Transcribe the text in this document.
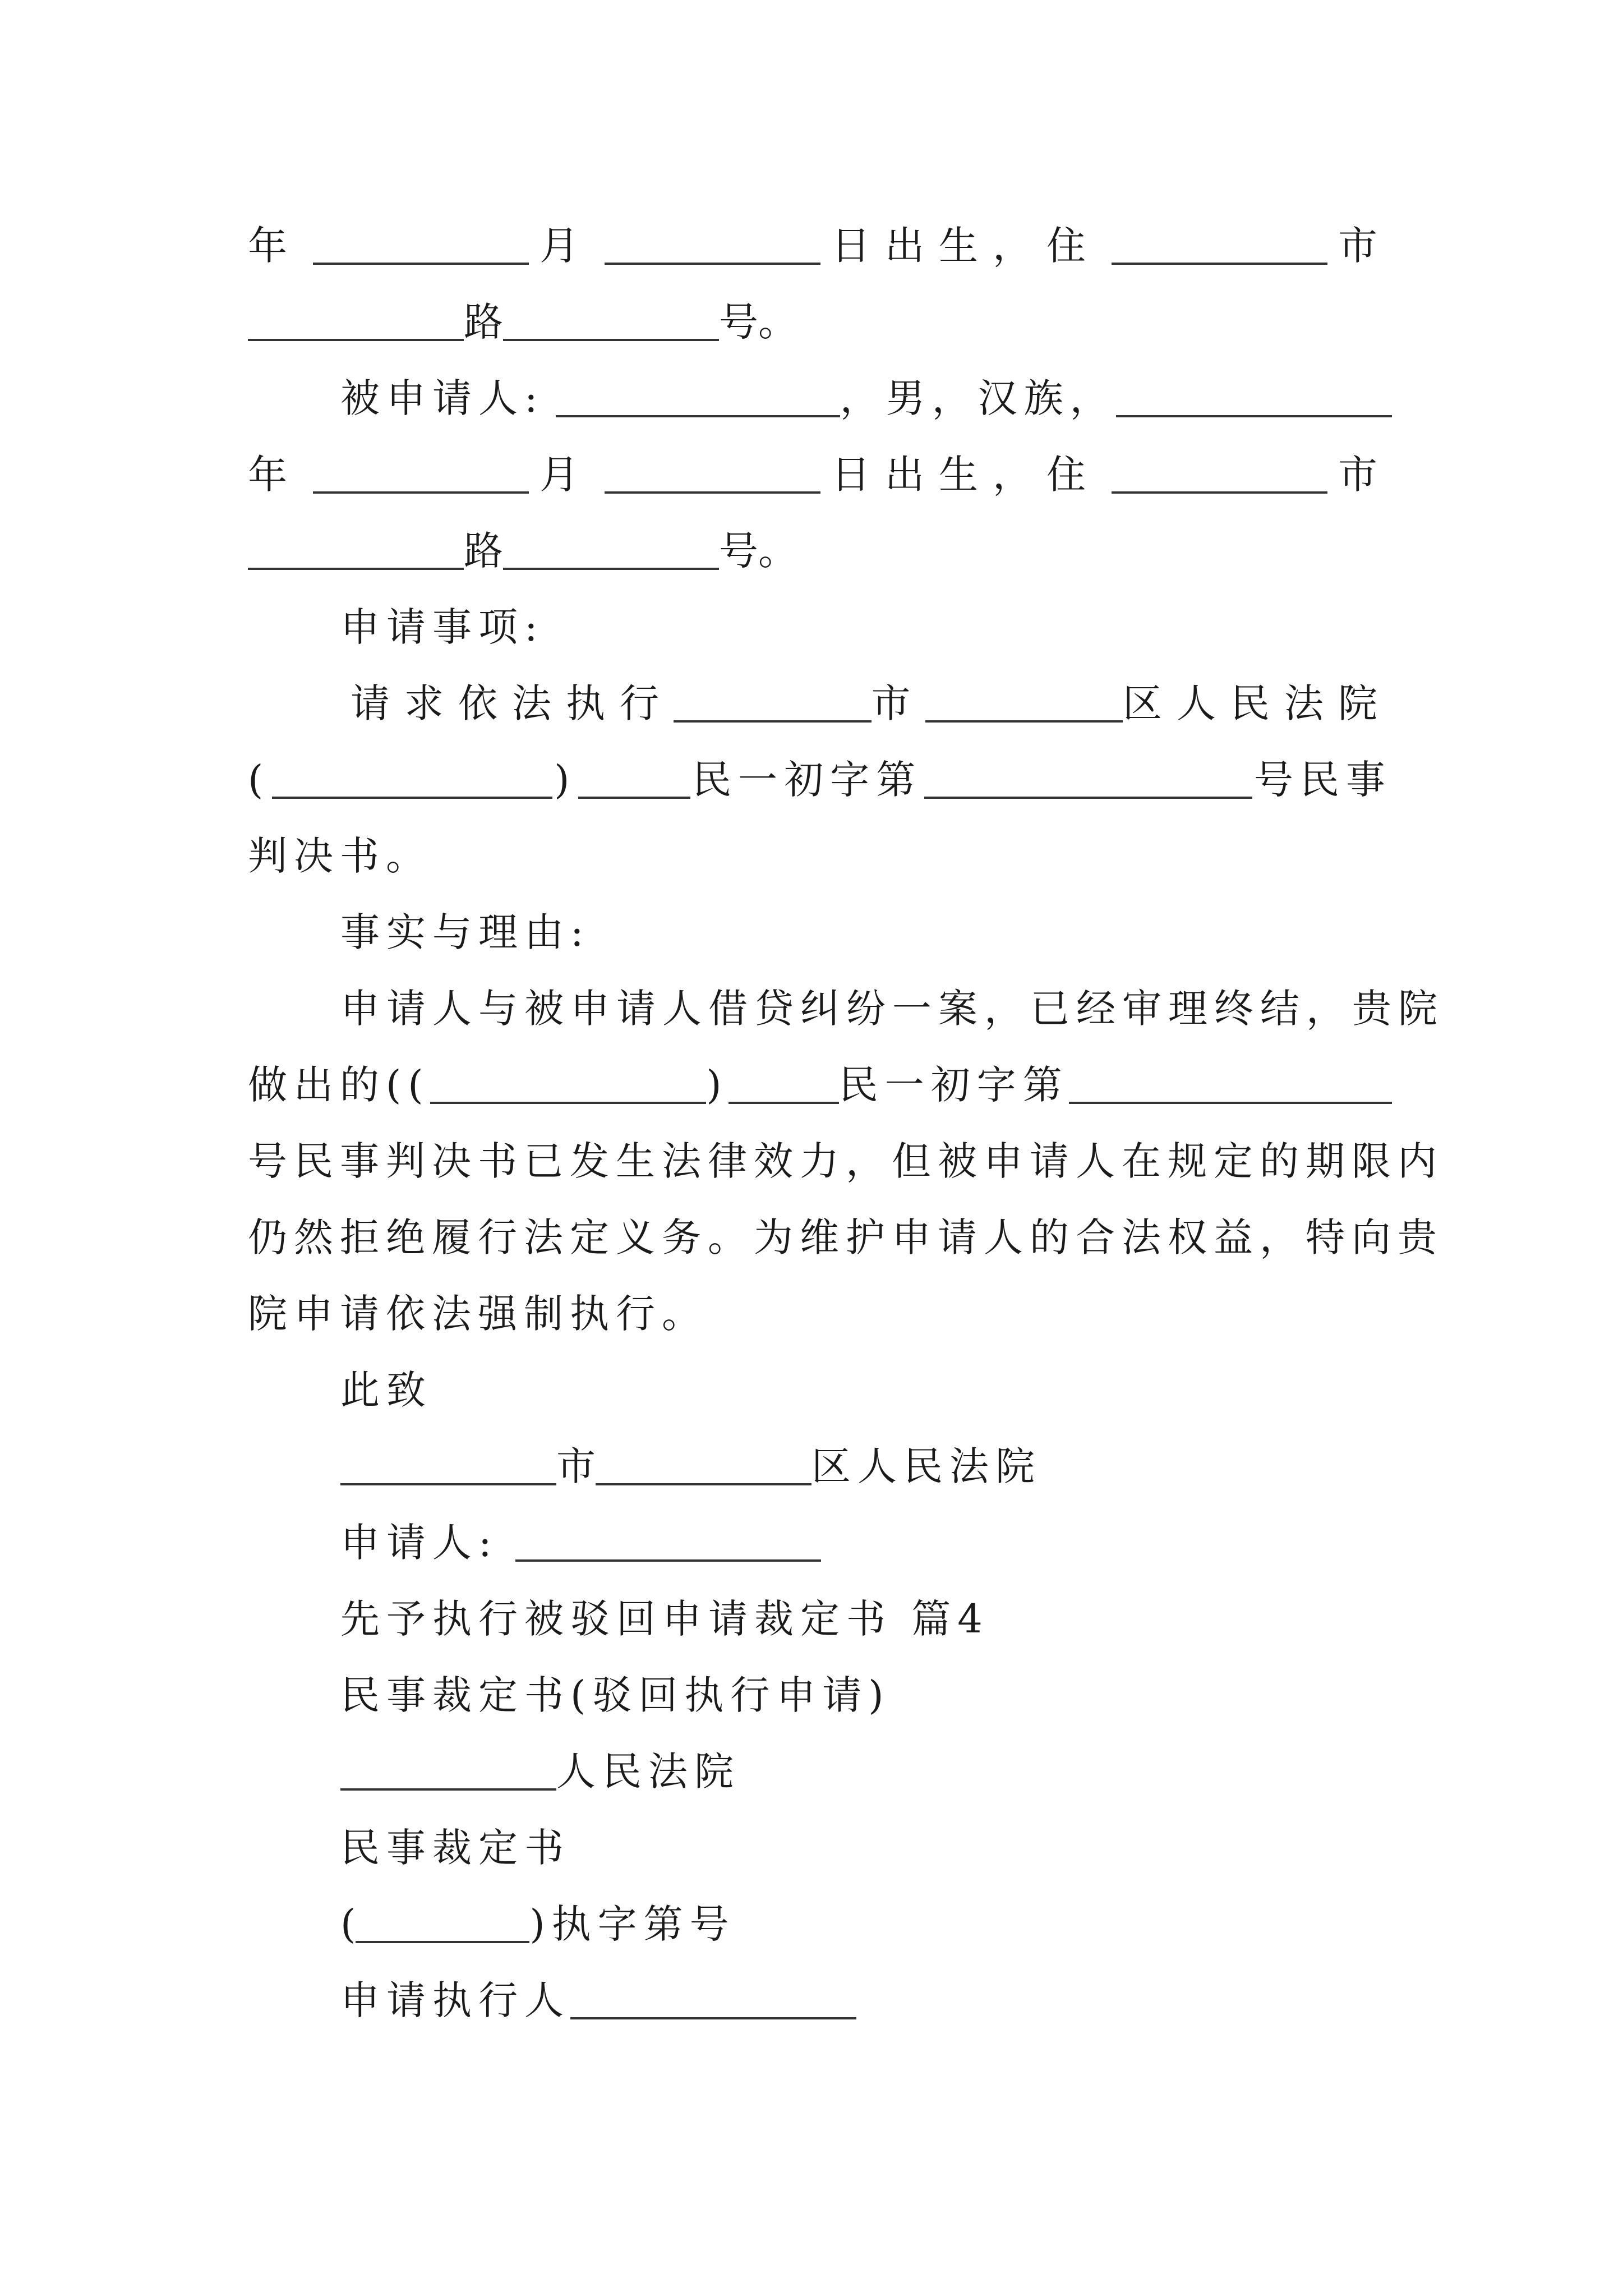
年	月	日出生，住	市
路	号。
被申请人:	，男，汉族，
年	月	日出生，住	市
路	号。
申请事项:
请求依法执行	市	区人民法院
(	)	民一初字第	号民事
判决书。
事实与理由:
申请人与被申请人借贷纠纷一案，已经审理终结，贵院
做出的((	)	民一初字第
号民事判决书已发生法律效力，但被申请人在规定的期限内
仍然拒绝履行法定义务。为维护申请人的合法权益，特向贵
院申请依法强制执行。
此致
市	区人民法院
申请人:
先予执行被驳回申请裁定书 篇4
民事裁定书(驳回执行申请)
人民法院
民事裁定书
(	)执字第号
申请执行人
